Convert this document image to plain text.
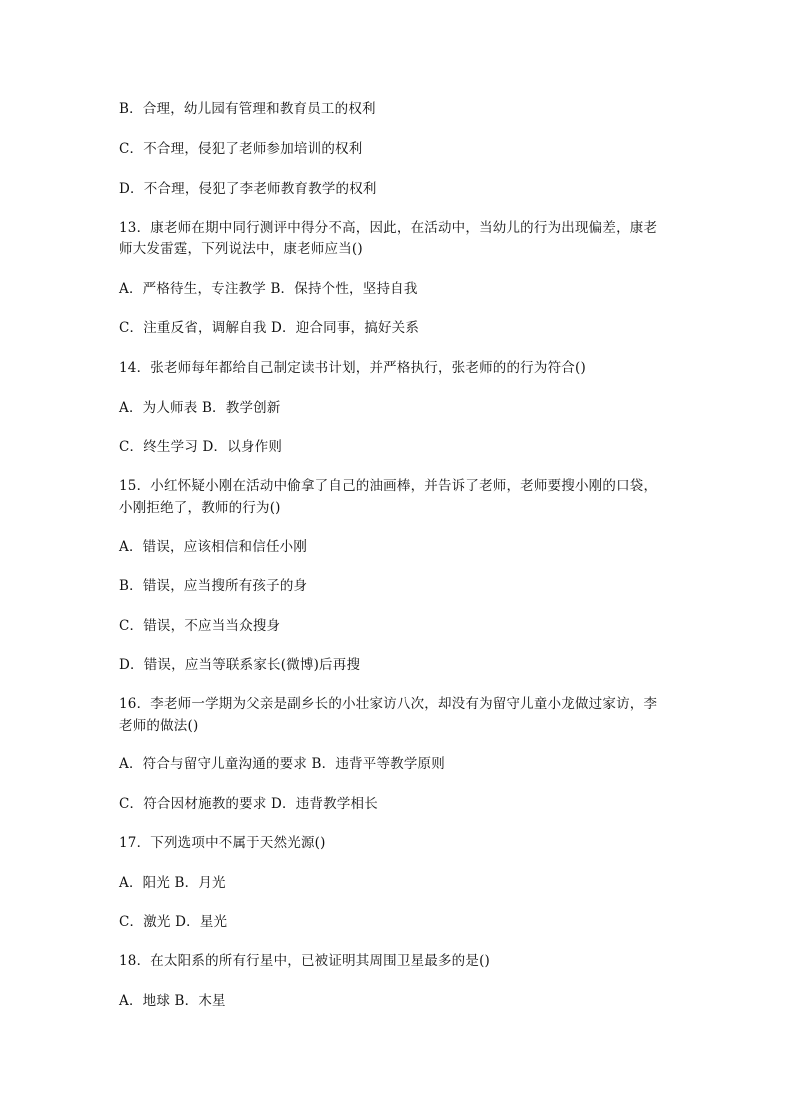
B．合理，幼儿园有管理和教育员工的权利
C．不合理，侵犯了老师参加培训的权利
D．不合理，侵犯了李老师教育教学的权利
13．康老师在期中同行测评中得分不高，因此，在活动中，当幼儿的行为出现偏差，康老
师大发雷霆，下列说法中，康老师应当()
A．严格待生，专注教学 B．保持个性，坚持自我
C．注重反省，调解自我 D．迎合同事，搞好关系
14．张老师每年都给自己制定读书计划，并严格执行，张老师的的行为符合()
A．为人师表 B．教学创新
C．终生学习 D．以身作则
15．小红怀疑小刚在活动中偷拿了自己的油画棒，并告诉了老师，老师要搜小刚的口袋，
小刚拒绝了，教师的行为()
A．错误，应该相信和信任小刚
B．错误，应当搜所有孩子的身
C．错误，不应当当众搜身
D．错误，应当等联系家长(微博)后再搜
16．李老师一学期为父亲是副乡长的小壮家访八次，却没有为留守儿童小龙做过家访，李
老师的做法()
A．符合与留守儿童沟通的要求 B．违背平等教学原则
C．符合因材施教的要求 D．违背教学相长
17．下列选项中不属于天然光源()
A．阳光 B．月光
C．激光 D．星光
18．在太阳系的所有行星中，已被证明其周围卫星最多的是()
A．地球 B．木星
